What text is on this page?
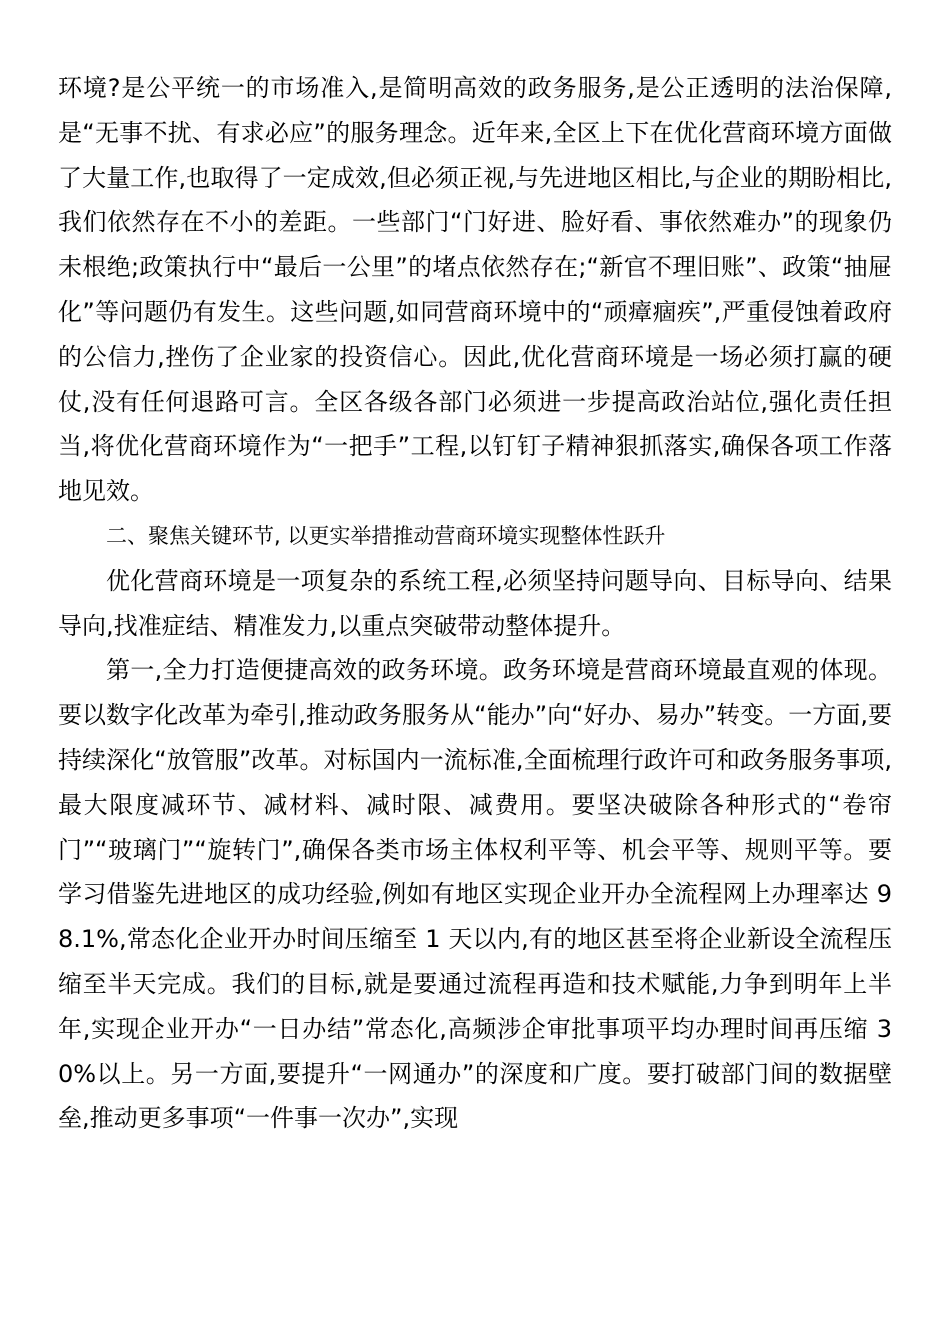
环境?是公平统一的市场准入,是简明高效的政务服务,是公正透明的法治保障,是“无事不扰、有求必应”的服务理念。近年来,全区上下在优化营商环境方面做了大量工作,也取得了一定成效,但必须正视,与先进地区相比,与企业的期盼相比,我们依然存在不小的差距。一些部门“门好进、脸好看、事依然难办”的现象仍未根绝;政策执行中“最后一公里”的堵点依然存在;“新官不理旧账”、政策“抽屉化”等问题仍有发生。这些问题,如同营商环境中的“顽瘴痼疾”,严重侵蚀着政府的公信力,挫伤了企业家的投资信心。因此,优化营商环境是一场必须打赢的硬仗,没有任何退路可言。全区各级各部门必须进一步提高政治站位,强化责任担当,将优化营商环境作为“一把手”工程,以钉钉子精神狠抓落实,确保各项工作落地见效。

二、聚焦关键环节, 以更实举措推动营商环境实现整体性跃升

优化营商环境是一项复杂的系统工程,必须坚持问题导向、目标导向、结果导向,找准症结、精准发力,以重点突破带动整体提升。

第一,全力打造便捷高效的政务环境。政务环境是营商环境最直观的体现。要以数字化改革为牵引,推动政务服务从“能办”向“好办、易办”转变。一方面,要持续深化“放管服”改革。对标国内一流标准,全面梳理行政许可和政务服务事项,最大限度减环节、减材料、减时限、减费用。要坚决破除各种形式的“卷帘门”“玻璃门”“旋转门”,确保各类市场主体权利平等、机会平等、规则平等。要学习借鉴先进地区的成功经验,例如有地区实现企业开办全流程网上办理率达 98.1%,常态化企业开办时间压缩至 1 天以内,有的地区甚至将企业新设全流程压缩至半天完成。我们的目标,就是要通过流程再造和技术赋能,力争到明年上半年,实现企业开办“一日办结”常态化,高频涉企审批事项平均办理时间再压缩 30%以上。另一方面,要提升“一网通办”的深度和广度。要打破部门间的数据壁垒,推动更多事项“一件事一次办”,实现
